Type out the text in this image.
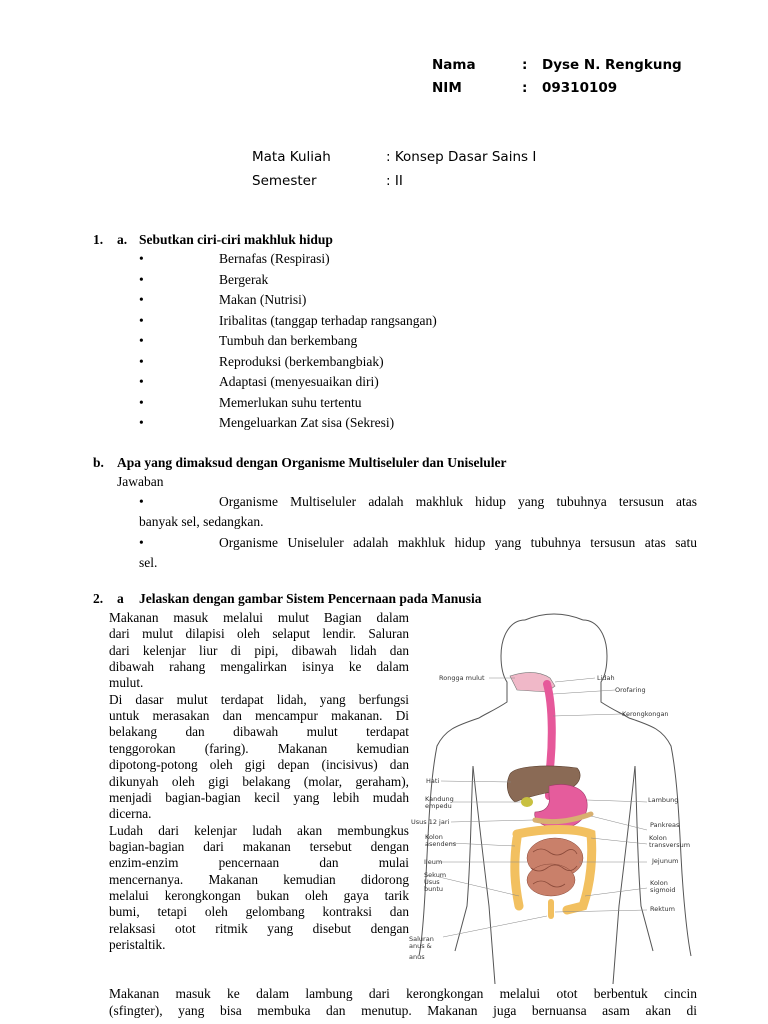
Nama	: Dyse N. Rengkung
NIM	: 09310109
Mata Kuliah	: Konsep Dasar Sains I
Semester	: II
1. a. Sebutkan ciri-ciri makhluk hidup
•	Bernafas (Respirasi)
•	Bergerak
•	Makan (Nutrisi)
•	Iribalitas (tanggap terhadap rangsangan)
•	Tumbuh dan berkembang
•	Reproduksi (berkembangbiak)
•	Adaptasi (menyesuaikan diri)
•	Memerlukan suhu tertentu
•	Mengeluarkan Zat sisa (Sekresi)
b. Apa yang dimaksud dengan Organisme Multiseluler dan Uniseluler
Jawaban
•	Organisme Multiseluler adalah makhluk hidup yang tubuhnya tersusun atas
banyak sel, sedangkan.
•	Organisme Uniseluler adalah makhluk hidup yang tubuhnya tersusun atas satu
sel.
2. a Jelaskan dengan gambar Sistem Pencernaan pada Manusia
Makanan masuk melalui mulut Bagian dalam
dari mulut dilapisi oleh selaput lendir. Saluran
dari kelenjar liur di pipi, dibawah lidah dan
dibawah rahang mengalirkan isinya ke dalam
mulut.
Di dasar mulut terdapat lidah, yang berfungsi
untuk merasakan dan mencampur makanan. Di
belakang dan dibawah mulut terdapat
tenggorokan (faring). Makanan kemudian
dipotong-potong oleh gigi depan (incisivus) dan
dikunyah oleh gigi belakang (molar, geraham),
menjadi bagian-bagian kecil yang lebih mudah
dicerna.
Ludah dari kelenjar ludah akan membungkus
bagian-bagian dari makanan tersebut dengan
enzim-enzim pencernaan dan mulai
mencernanya. Makanan kemudian didorong
melalui kerongkongan bukan oleh gaya tarik
bumi, tetapi oleh gelombang kontraksi dan
relaksasi otot ritmik yang disebut dengan
peristaltik.
Rongga mulut	Lidah
Orofaring
Kerongkongan
Hati
Kandung empedu
Usus 12 jari
Kolon asendens
Ileum
Sekum
Usus buntu
Saluran anus &
anus
Lambung
Pankreas
Kolon transversum
Jejunum
Kolon sigmoid
Rektum
Makanan masuk ke dalam lambung dari kerongkongan melalui otot berbentuk cincin
(sfingter), yang bisa membuka dan menutup. Makanan juga bernuansa asam akan di
